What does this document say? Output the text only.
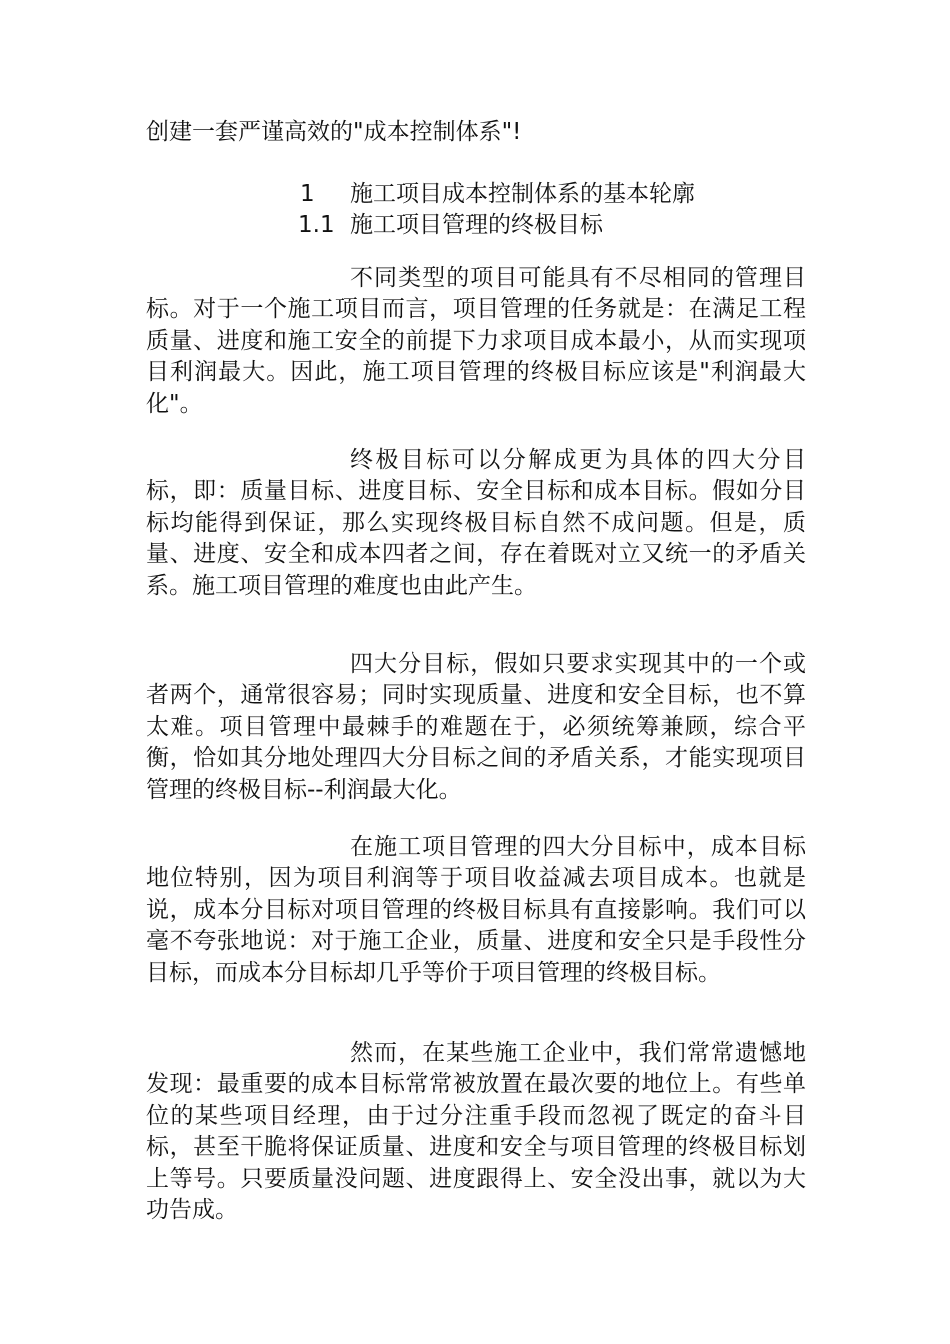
创建一套严谨高效的"成本控制体系"!
1 施工项目成本控制体系的基本轮廓
1.1 施工项目管理的终极目标

不同类型的项目可能具有不尽相同的管理目标。对于一个施工项目而言，项目管理的任务就是：在满足工程质量、进度和施工安全的前提下力求项目成本最小，从而实现项目利润最大。因此，施工项目管理的终极目标应该是"利润最大化"。

终极目标可以分解成更为具体的四大分目标，即：质量目标、进度目标、安全目标和成本目标。假如分目标均能得到保证，那么实现终极目标自然不成问题。但是，质量、进度、安全和成本四者之间，存在着既对立又统一的矛盾关系。施工项目管理的难度也由此产生。

四大分目标，假如只要求实现其中的一个或者两个，通常很容易；同时实现质量、进度和安全目标，也不算太难。项目管理中最棘手的难题在于，必须统筹兼顾，综合平衡，恰如其分地处理四大分目标之间的矛盾关系，才能实现项目管理的终极目标--利润最大化。

在施工项目管理的四大分目标中，成本目标地位特别，因为项目利润等于项目收益减去项目成本。也就是说，成本分目标对项目管理的终极目标具有直接影响。我们可以毫不夸张地说：对于施工企业，质量、进度和安全只是手段性分目标，而成本分目标却几乎等价于项目管理的终极目标。

然而，在某些施工企业中，我们常常遗憾地发现：最重要的成本目标常常被放置在最次要的地位上。有些单位的某些项目经理，由于过分注重手段而忽视了既定的奋斗目标，甚至干脆将保证质量、进度和安全与项目管理的终极目标划上等号。只要质量没问题、进度跟得上、安全没出事，就以为大功告成。
